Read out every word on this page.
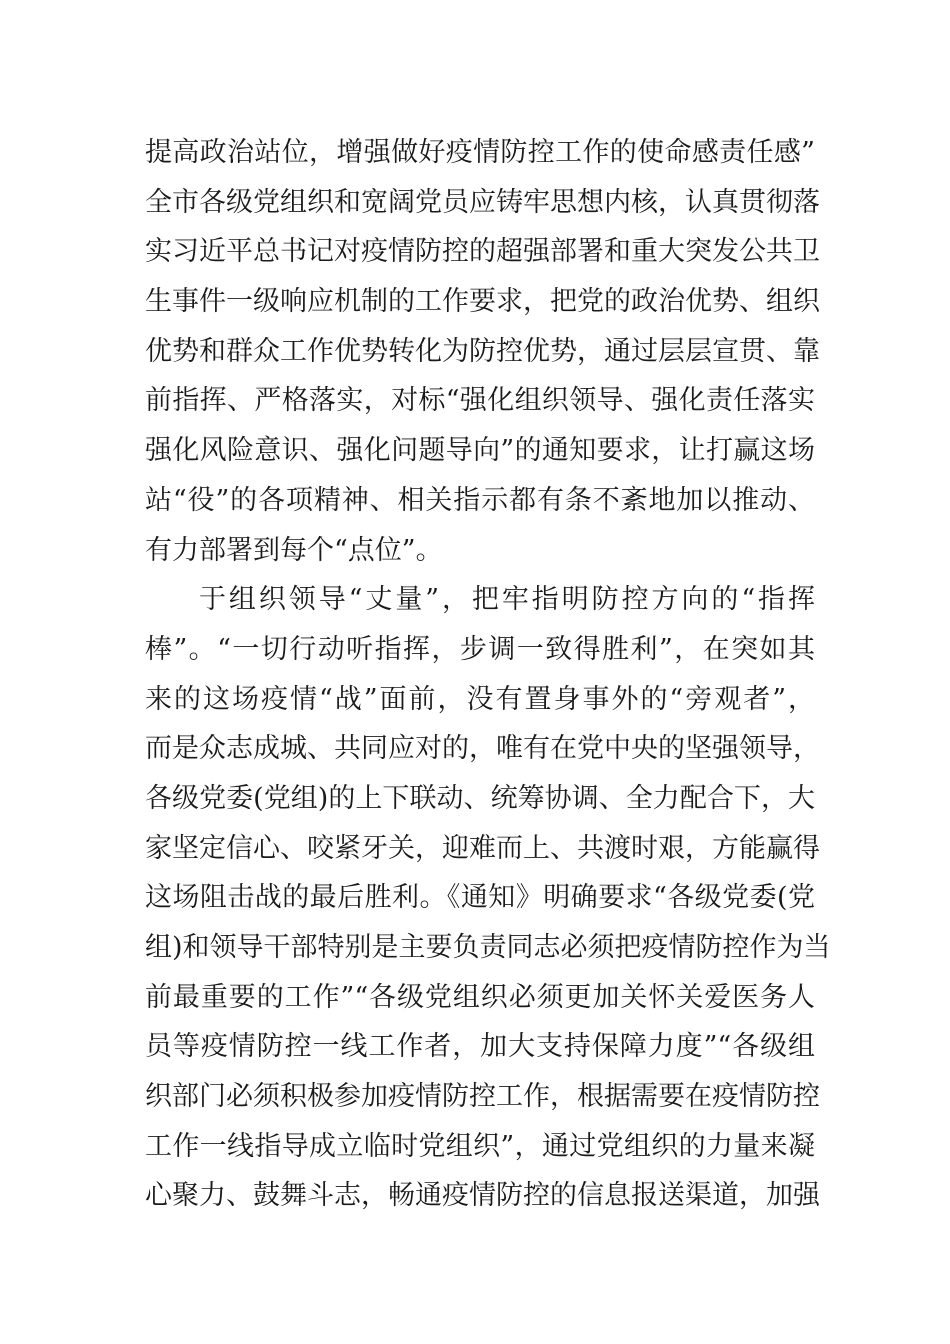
提高政治站位，增强做好疫情防控工作的使命感责任感”
全市各级党组织和宽阔党员应铸牢思想内核，认真贯彻落
实习近平总书记对疫情防控的超强部署和重大突发公共卫
生事件一级响应机制的工作要求，把党的政治优势、组织
优势和群众工作优势转化为防控优势，通过层层宣贯、靠
前指挥、严格落实，对标“强化组织领导、强化责任落实
强化风险意识、强化问题导向”的通知要求，让打赢这场
站“役”的各项精神、相关指示都有条不紊地加以推动、
有力部署到每个“点位”。
于组织领导“丈量”，把牢指明防控方向的“指挥
棒”。“一切行动听指挥，步调一致得胜利”，在突如其
来的这场疫情“战”面前，没有置身事外的“旁观者”，
而是众志成城、共同应对的，唯有在党中央的坚强领导，
各级党委(党组)的上下联动、统筹协调、全力配合下，大
家坚定信心、咬紧牙关，迎难而上、共渡时艰，方能赢得
这场阻击战的最后胜利。《通知》明确要求“各级党委(党
组)和领导干部特别是主要负责同志必须把疫情防控作为当
前最重要的工作”“各级党组织必须更加关怀关爱医务人
员等疫情防控一线工作者，加大支持保障力度”“各级组
织部门必须积极参加疫情防控工作，根据需要在疫情防控
工作一线指导成立临时党组织”，通过党组织的力量来凝
心聚力、鼓舞斗志，畅通疫情防控的信息报送渠道，加强
